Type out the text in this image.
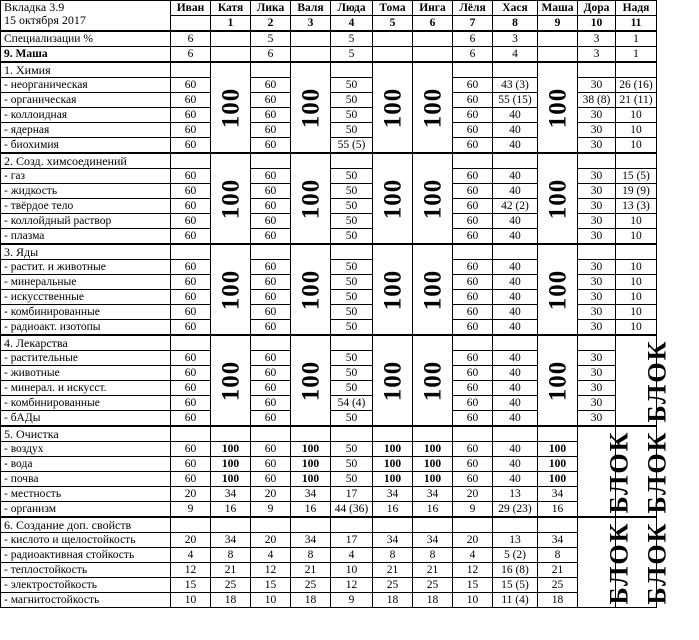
Вкладка 3.9
15 октября 2017	Иван	Катя	Лика	Валя	Люда	Тома	Инга	Лёля	Хася	Маша	Дора	Надя
		1	2	3	4	5	6	7	8	9	10	11
Специализации %	6		5		5			6	3		3	1
9. Маша	6		6		5			6	4		3	1
1. Химия		100		100		100	100			100		
- неорганическая	60		60		50			60	43 (3)		30	26 (16)
- органическая	60		60		50			60	55 (15)		38 (8)	21 (11)
- коллоидная	60		60		50			60	40		30	10
- ядерная	60		60		50			60	40		30	10
- биохимия	60		60		55 (5)			60	40		30	10
2. Созд. химсоединений		100		100		100	100			100		
- газ	60		60		50			60	40		30	15 (5)
- жидкость	60		60		50			60	40		30	19 (9)
- твёрдое тело	60		60		50			60	42 (2)		30	13 (3)
- коллойдный раствор	60		60		50			60	40		30	10
- плазма	60		60		50			60	40		30	10
3. Яды		100		100		100	100			100		
- растит. и животные	60		60		50			60	40		30	10
- минеральные	60		60		50			60	40		30	10
- искусственные	60		60		50			60	40		30	10
- комбинированные	60		60		50			60	40		30	10
- радиоакт. изотопы	60		60		50			60	40		30	10
4. Лекарства		100		100		100	100			100		БЛОК
- растительные	60		60		50			60	40		30	
- животные	60		60		50			60	40		30	
- минерал. и искусст.	60		60		50			60	40		30	
- комбинированные	60		60		54 (4)			60	40		30	
- бАДы	60		60		50			60	40		30	
5. Очистка											БЛОК	БЛОК
- воздух	60	100	60	100	50	100	100	60	40	100		
- вода	60	100	60	100	50	100	100	60	40	100		
- почва	60	100	60	100	50	100	100	60	40	100		
- местность	20	34	20	34	17	34	34	20	13	34		
- организм	9	16	9	16	44 (36)	16	16	9	29 (23)	16		
6. Создание доп. свойств											БЛОК	БЛОК
- кислото и щелостойкость	20	34	20	34	17	34	34	20	13	34		
- радиоактивная стойкость	4	8	4	8	4	8	8	4	5 (2)	8		
- теплостойкость	12	21	12	21	10	21	21	12	16 (8)	21		
- электростойкость	15	25	15	25	12	25	25	15	15 (5)	25		
- магнитостойкость	10	18	10	18	9	18	18	10	11 (4)	18		
